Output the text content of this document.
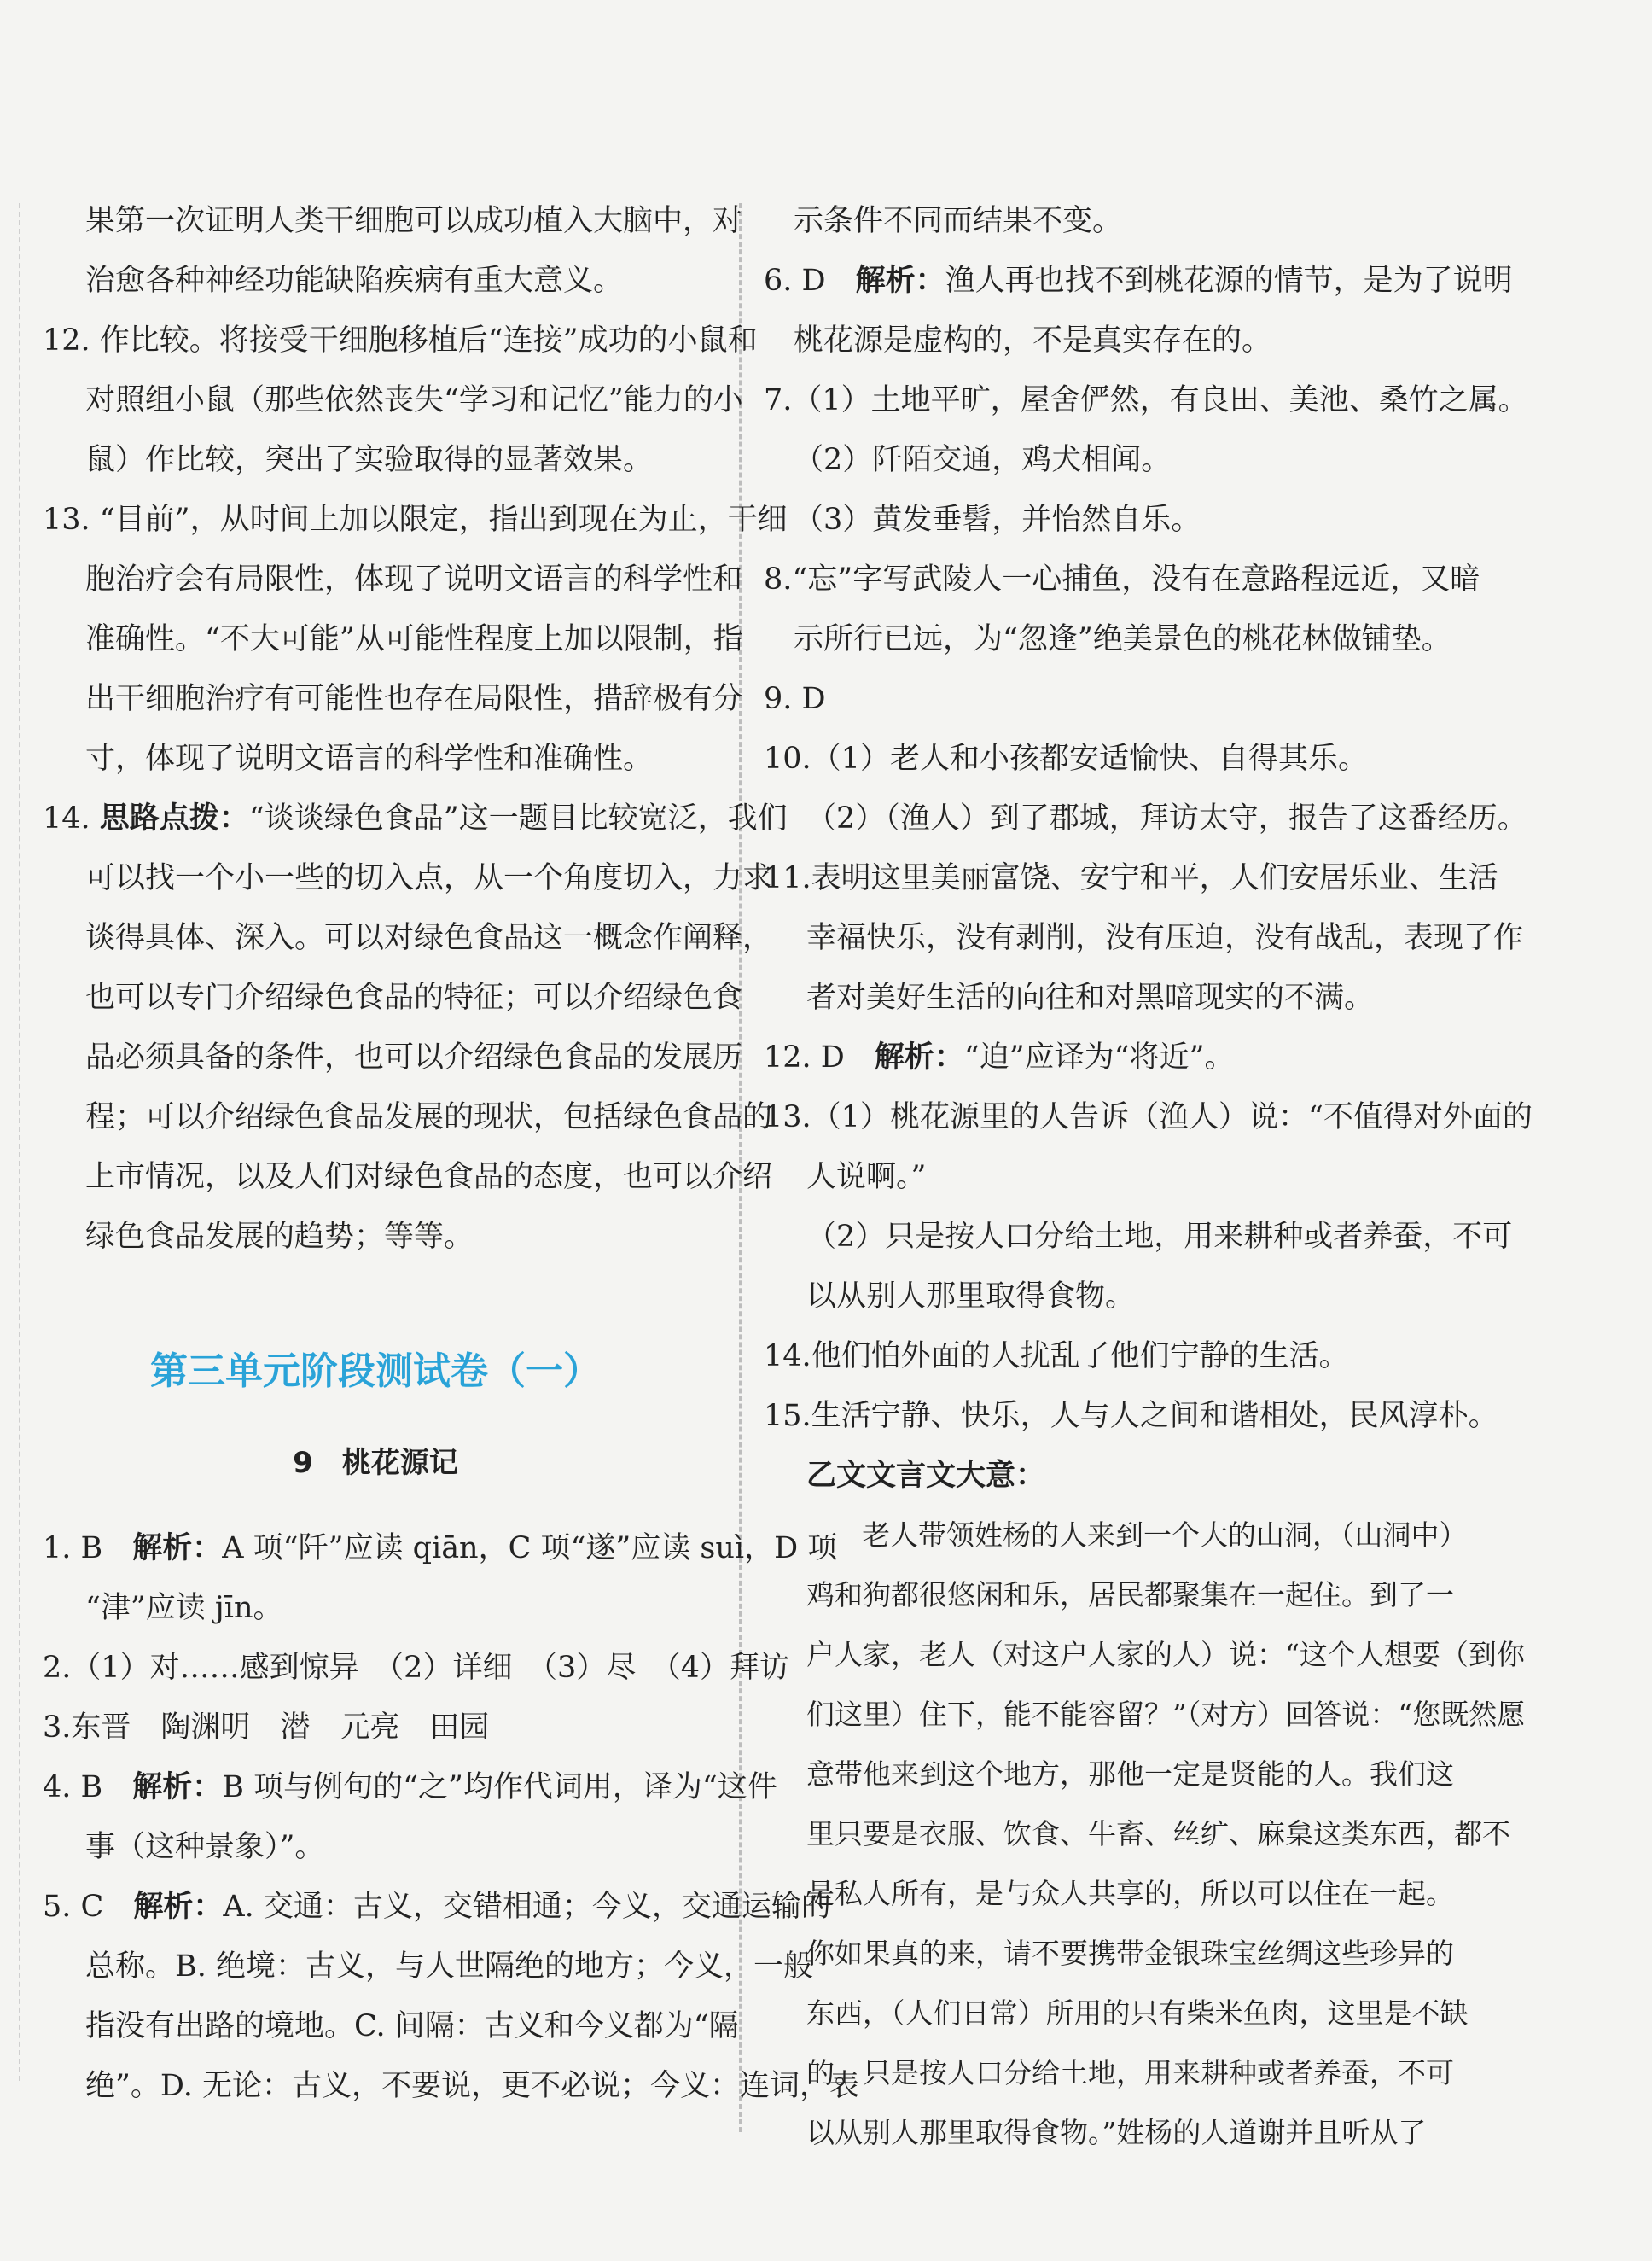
果第一次证明人类干细胞可以成功植入大脑中，对
治愈各种神经功能缺陷疾病有重大意义。
12. 作比较。将接受干细胞移植后“连接”成功的小鼠和
对照组小鼠（那些依然丧失“学习和记忆”能力的小
鼠）作比较，突出了实验取得的显著效果。
13. “目前”，从时间上加以限定，指出到现在为止，干细
胞治疗会有局限性，体现了说明文语言的科学性和
准确性。“不大可能”从可能性程度上加以限制，指
出干细胞治疗有可能性也存在局限性，措辞极有分
寸，体现了说明文语言的科学性和准确性。
14. 思路点拨：“谈谈绿色食品”这一题目比较宽泛，我们
可以找一个小一些的切入点，从一个角度切入，力求
谈得具体、深入。可以对绿色食品这一概念作阐释，
也可以专门介绍绿色食品的特征；可以介绍绿色食
品必须具备的条件，也可以介绍绿色食品的发展历
程；可以介绍绿色食品发展的现状，包括绿色食品的
上市情况，以及人们对绿色食品的态度，也可以介绍
绿色食品发展的趋势；等等。
第三单元阶段测试卷（一）
9　桃花源记
1. B　 解析：A 项“阡”应读 qiān，C 项“遂”应读 suì，D 项
“津”应读 jīn。
2.（1）对……感到惊异　（2）详细　（3）尽　（4）拜访
3.东晋　陶渊明　潜　元亮　田园
4. B　 解析：B 项与例句的“之”均作代词用，译为“这件
事（这种景象）”。
5. C　 解析：A. 交通：古义，交错相通；今义，交通运输的
总称。B. 绝境：古义，与人世隔绝的地方；今义，一般
指没有出路的境地。C. 间隔：古义和今义都为“隔
绝”。D. 无论：古义，不要说，更不必说；今义：连词，表
示条件不同而结果不变。
6. D　 解析：渔人再也找不到桃花源的情节，是为了说明
桃花源是虚构的，不是真实存在的。
7.（1）土地平旷，屋舍俨然，有良田、美池、桑竹之属。
（2）阡陌交通，鸡犬相闻。
（3）黄发垂髫，并怡然自乐。
8.“忘”字写武陵人一心捕鱼，没有在意路程远近，又暗
示所行已远，为“忽逢”绝美景色的桃花林做铺垫。
9. D
10.（1）老人和小孩都安适愉快、自得其乐。
（2）（渔人）到了郡城，拜访太守，报告了这番经历。
11.表明这里美丽富饶、安宁和平，人们安居乐业、生活
幸福快乐，没有剥削，没有压迫，没有战乱，表现了作
者对美好生活的向往和对黑暗现实的不满。
12. D　 解析：“迫”应译为“将近”。
13.（1）桃花源里的人告诉（渔人）说：“不值得对外面的
人说啊。”
（2）只是按人口分给土地，用来耕种或者养蚕，不可
以从别人那里取得食物。
14.他们怕外面的人扰乱了他们宁静的生活。
15.生活宁静、快乐，人与人之间和谐相处，民风淳朴。
乙文文言文大意：
老人带领姓杨的人来到一个大的山洞，（山洞中）
鸡和狗都很悠闲和乐，居民都聚集在一起住。到了一
户人家，老人（对这户人家的人）说：“这个人想要（到你
们这里）住下，能不能容留？”（对方）回答说：“您既然愿
意带他来到这个地方，那他一定是贤能的人。我们这
里只要是衣服、饮食、牛畜、丝纩、麻枲这类东西，都不
是私人所有，是与众人共享的，所以可以住在一起。
你如果真的来，请不要携带金银珠宝丝绸这些珍异的
东西，（人们日常）所用的只有柴米鱼肉，这里是不缺
的。只是按人口分给土地，用来耕种或者养蚕，不可
以从别人那里取得食物。”姓杨的人道谢并且听从了
